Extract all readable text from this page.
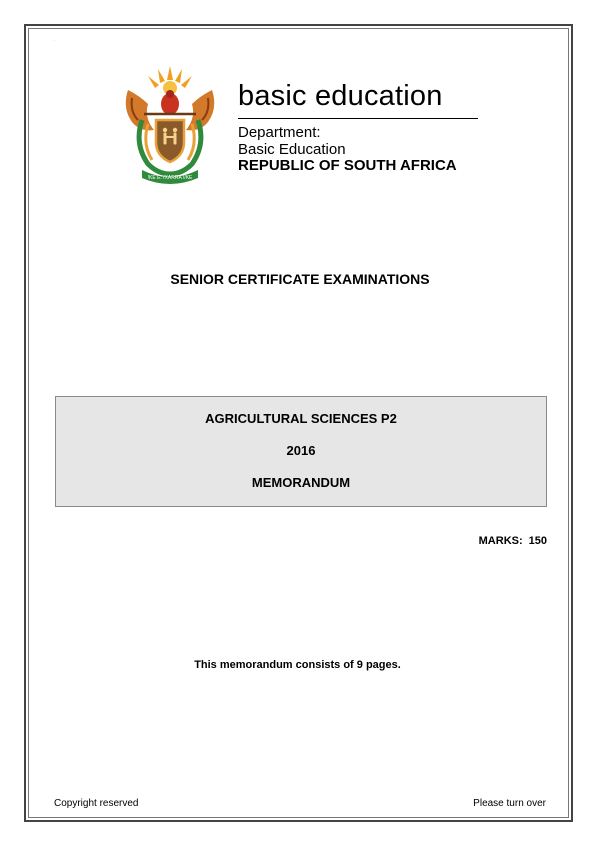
·
!KE E: /XARRA //KE
basic education
Department:
Basic Education
REPUBLIC OF SOUTH AFRICA
SENIOR CERTIFICATE EXAMINATIONS
AGRICULTURAL SCIENCES P2
2016
MEMORANDUM
MARKS: 150
This memorandum consists of 9 pages.
Copyright reserved	Please turn over
